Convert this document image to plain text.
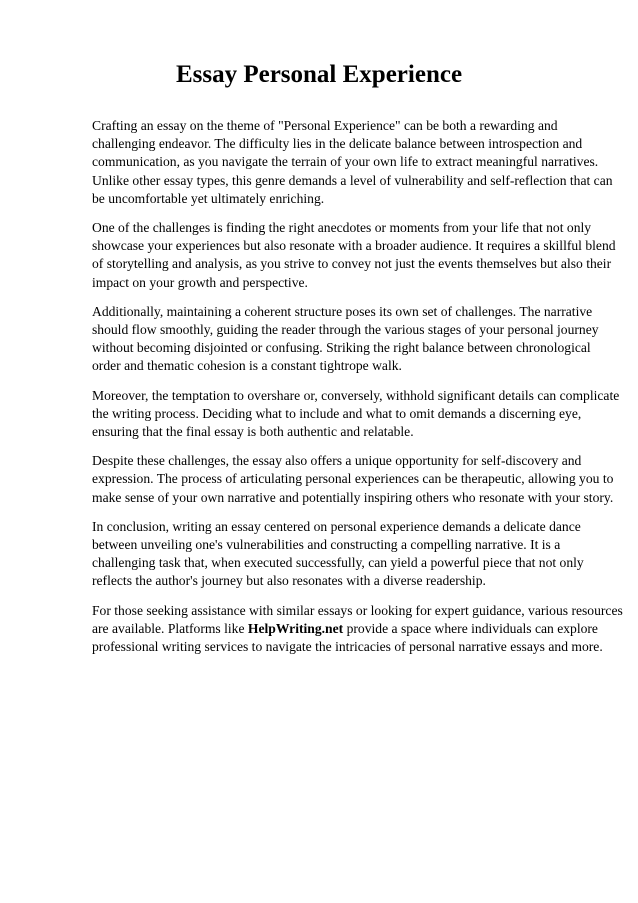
Essay Personal Experience

Crafting an essay on the theme of "Personal Experience" can be both a rewarding and
challenging endeavor. The difficulty lies in the delicate balance between introspection and
communication, as you navigate the terrain of your own life to extract meaningful narratives.
Unlike other essay types, this genre demands a level of vulnerability and self-reflection that can
be uncomfortable yet ultimately enriching.

One of the challenges is finding the right anecdotes or moments from your life that not only
showcase your experiences but also resonate with a broader audience. It requires a skillful blend
of storytelling and analysis, as you strive to convey not just the events themselves but also their
impact on your growth and perspective.

Additionally, maintaining a coherent structure poses its own set of challenges. The narrative
should flow smoothly, guiding the reader through the various stages of your personal journey
without becoming disjointed or confusing. Striking the right balance between chronological
order and thematic cohesion is a constant tightrope walk.

Moreover, the temptation to overshare or, conversely, withhold significant details can complicate
the writing process. Deciding what to include and what to omit demands a discerning eye,
ensuring that the final essay is both authentic and relatable.

Despite these challenges, the essay also offers a unique opportunity for self-discovery and
expression. The process of articulating personal experiences can be therapeutic, allowing you to
make sense of your own narrative and potentially inspiring others who resonate with your story.

In conclusion, writing an essay centered on personal experience demands a delicate dance
between unveiling one's vulnerabilities and constructing a compelling narrative. It is a
challenging task that, when executed successfully, can yield a powerful piece that not only
reflects the author's journey but also resonates with a diverse readership.

For those seeking assistance with similar essays or looking for expert guidance, various resources
are available. Platforms like HelpWriting.net provide a space where individuals can explore
professional writing services to navigate the intricacies of personal narrative essays and more.
